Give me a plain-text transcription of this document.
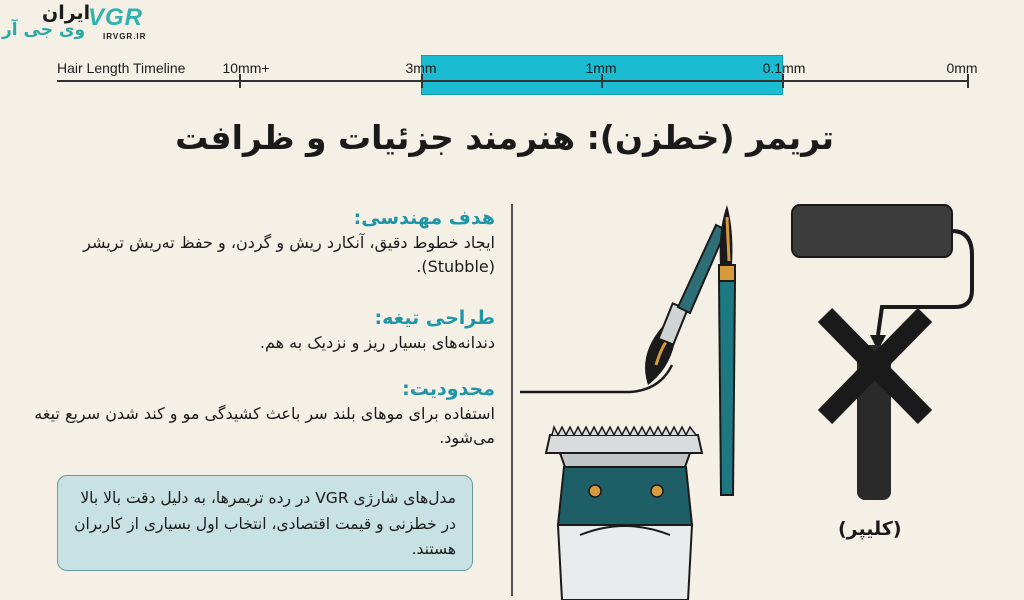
ایران
وی جی آر VGR
IRVGR.IR
Hair Length Timeline	10mm+	3mm	1mm	0.1mm	0mm
تریمر (خطزن): هنرمند جزئیات و ظرافت

هدف مهندسی:

ایجاد خطوط دقیق، آنکارد ریش و گردن، و حفظ ته‌ریش تریشر (Stubble).

طراحی تیغه:

دندانه‌های بسیار ریز و نزدیک به هم.

محدودیت:

استفاده برای موهای بلند سر باعث کشیدگی مو و کند شدن سریع تیغه می‌شود.

مدل‌های شارژی VGR در رده تریمرها، به دلیل دقت بالا بالا در خطزنی و قیمت اقتصادی، انتخاب اول بسیاری از کاربران هستند.
(کلیپر)
